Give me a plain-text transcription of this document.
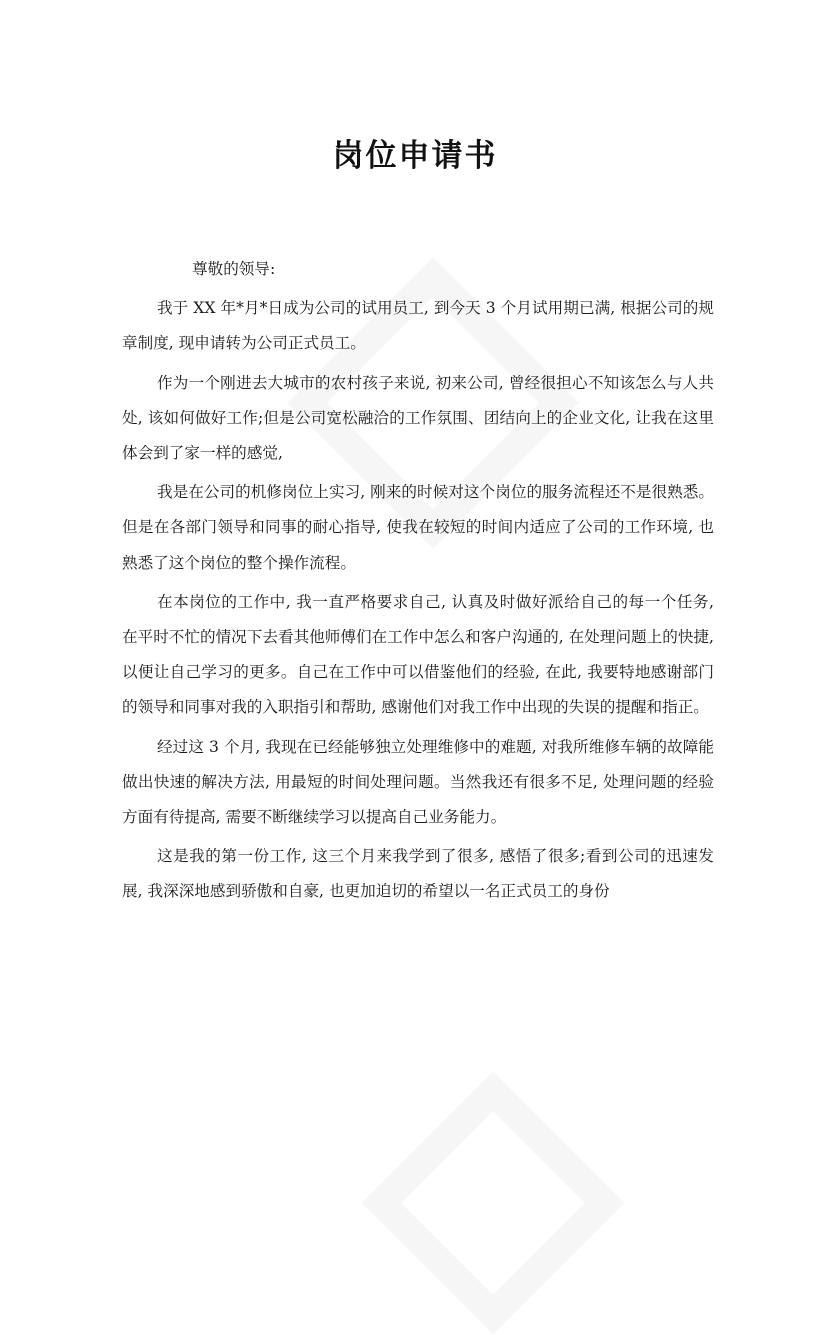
岗位申请书

尊敬的领导:

我于 XX 年*月*日成为公司的试用员工, 到今天 3 个月试用期已满, 根据公司的规章制度, 现申请转为公司正式员工。

作为一个刚进去大城市的农村孩子来说, 初来公司, 曾经很担心不知该怎么与人共处, 该如何做好工作;但是公司宽松融洽的工作氛围、团结向上的企业文化, 让我在这里体会到了家一样的感觉,

我是在公司的机修岗位上实习, 刚来的时候对这个岗位的服务流程还不是很熟悉。但是在各部门领导和同事的耐心指导, 使我在较短的时间内适应了公司的工作环境, 也熟悉了这个岗位的整个操作流程。

在本岗位的工作中, 我一直严格要求自己, 认真及时做好派给自己的每一个任务, 在平时不忙的情况下去看其他师傅们在工作中怎么和客户沟通的, 在处理问题上的快捷, 以便让自己学习的更多。自己在工作中可以借鉴他们的经验, 在此, 我要特地感谢部门的领导和同事对我的入职指引和帮助, 感谢他们对我工作中出现的失误的提醒和指正。

经过这 3 个月, 我现在已经能够独立处理维修中的难题, 对我所维修车辆的故障能做出快速的解决方法, 用最短的时间处理问题。当然我还有很多不足, 处理问题的经验方面有待提高, 需要不断继续学习以提高自己业务能力。

这是我的第一份工作, 这三个月来我学到了很多, 感悟了很多;看到公司的迅速发展, 我深深地感到骄傲和自豪, 也更加迫切的希望以一名正式员工的身份
